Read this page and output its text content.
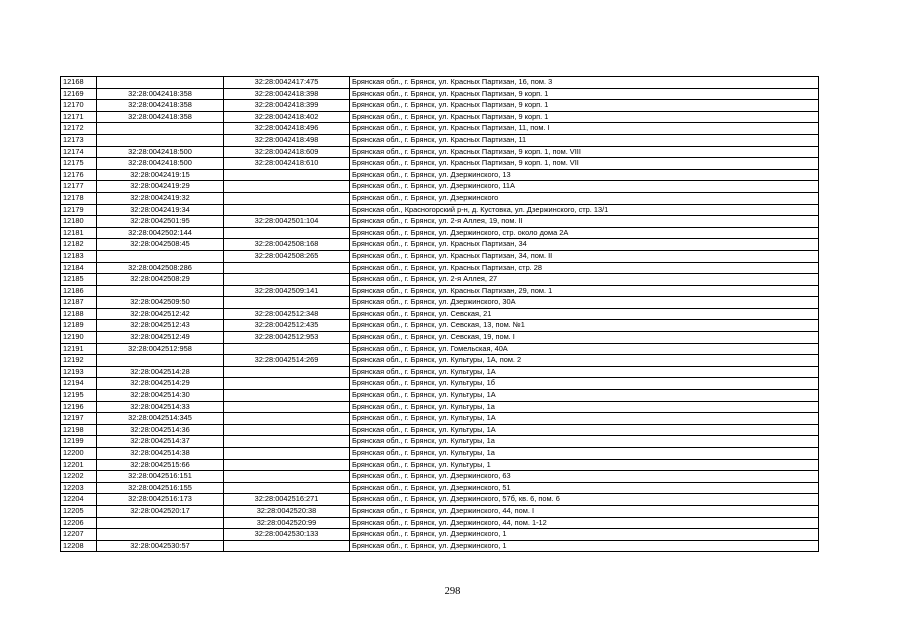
12168		32:28:0042417:475	Брянская обл., г. Брянск, ул. Красных Партизан, 16, пом. 3
12169	32:28:0042418:358	32:28:0042418:398	Брянская обл., г. Брянск, ул. Красных Партизан, 9 корп. 1
12170	32:28:0042418:358	32:28:0042418:399	Брянская обл., г. Брянск, ул. Красных Партизан, 9 корп. 1
12171	32:28:0042418:358	32:28:0042418:402	Брянская обл., г. Брянск, ул. Красных Партизан, 9 корп. 1
12172		32:28:0042418:496	Брянская обл., г. Брянск, ул. Красных Партизан, 11, пом. I
12173		32:28:0042418:498	Брянская обл., г. Брянск, ул. Красных Партизан, 11
12174	32:28:0042418:500	32:28:0042418:609	Брянская обл., г. Брянск, ул. Красных Партизан, 9 корп. 1, пом. VIII
12175	32:28:0042418:500	32:28:0042418:610	Брянская обл., г. Брянск, ул. Красных Партизан, 9 корп. 1, пом. VII
12176	32:28:0042419:15		Брянская обл., г. Брянск, ул. Дзержинского, 13
12177	32:28:0042419:29		Брянская обл., г. Брянск, ул. Дзержинского, 11А
12178	32:28:0042419:32		Брянская обл., г. Брянск, ул. Дзержинского
12179	32:28:0042419:34		Брянская обл., Красногорский р-н, д. Кустовка, ул. Дзержинского, стр. 13/1
12180	32:28:0042501:95	32:28:0042501:104	Брянская обл., г. Брянск, ул. 2-я Аллея, 19, пом. II
12181	32:28:0042502:144		Брянская обл., г. Брянск, ул. Дзержинского, стр. около дома 2А
12182	32:28:0042508:45	32:28:0042508:168	Брянская обл., г. Брянск, ул. Красных Партизан, 34
12183		32:28:0042508:265	Брянская обл., г. Брянск, ул. Красных Партизан, 34, пом. II
12184	32:28:0042508:286		Брянская обл., г. Брянск, ул. Красных Партизан, стр. 28
12185	32:28:0042508:29		Брянская обл., г. Брянск, ул. 2-я Аллея, 27
12186		32:28:0042509:141	Брянская обл., г. Брянск, ул. Красных Партизан, 29, пом. 1
12187	32:28:0042509:50		Брянская обл., г. Брянск, ул. Дзержинского, 30А
12188	32:28:0042512:42	32:28:0042512:348	Брянская обл., г. Брянск, ул. Севская, 21
12189	32:28:0042512:43	32:28:0042512:435	Брянская обл., г. Брянск, ул. Севская, 13, пом. №1
12190	32:28:0042512:49	32:28:0042512:953	Брянская обл., г. Брянск, ул. Севская, 19, пом. I
12191	32:28:0042512:958		Брянская обл., г. Брянск, ул. Гомельская, 40А
12192		32:28:0042514:269	Брянская обл., г. Брянск, ул. Культуры, 1А, пом. 2
12193	32:28:0042514:28		Брянская обл., г. Брянск, ул. Культуры, 1А
12194	32:28:0042514:29		Брянская обл., г. Брянск, ул. Культуры, 1б
12195	32:28:0042514:30		Брянская обл., г. Брянск, ул. Культуры, 1А
12196	32:28:0042514:33		Брянская обл., г. Брянск, ул. Культуры, 1а
12197	32:28:0042514:345		Брянская обл., г. Брянск, ул. Культуры, 1А
12198	32:28:0042514:36		Брянская обл., г. Брянск, ул. Культуры, 1А
12199	32:28:0042514:37		Брянская обл., г. Брянск, ул. Культуры, 1а
12200	32:28:0042514:38		Брянская обл., г. Брянск, ул. Культуры, 1а
12201	32:28:0042515:66		Брянская обл., г. Брянск, ул. Культуры, 1
12202	32:28:0042516:151		Брянская обл., г. Брянск, ул. Дзержинского, 63
12203	32:28:0042516:155		Брянская обл., г. Брянск, ул. Дзержинского, 51
12204	32:28:0042516:173	32:28:0042516:271	Брянская обл., г. Брянск, ул. Дзержинского, 57б, кв. 6, пом. 6
12205	32:28:0042520:17	32:28:0042520:38	Брянская обл., г. Брянск, ул. Дзержинского, 44, пом. I
12206		32:28:0042520:99	Брянская обл., г. Брянск, ул. Дзержинского, 44, пом. 1-12
12207		32:28:0042530:133	Брянская обл., г. Брянск, ул. Дзержинского, 1
12208	32:28:0042530:57		Брянская обл., г. Брянск, ул. Дзержинского, 1
298
